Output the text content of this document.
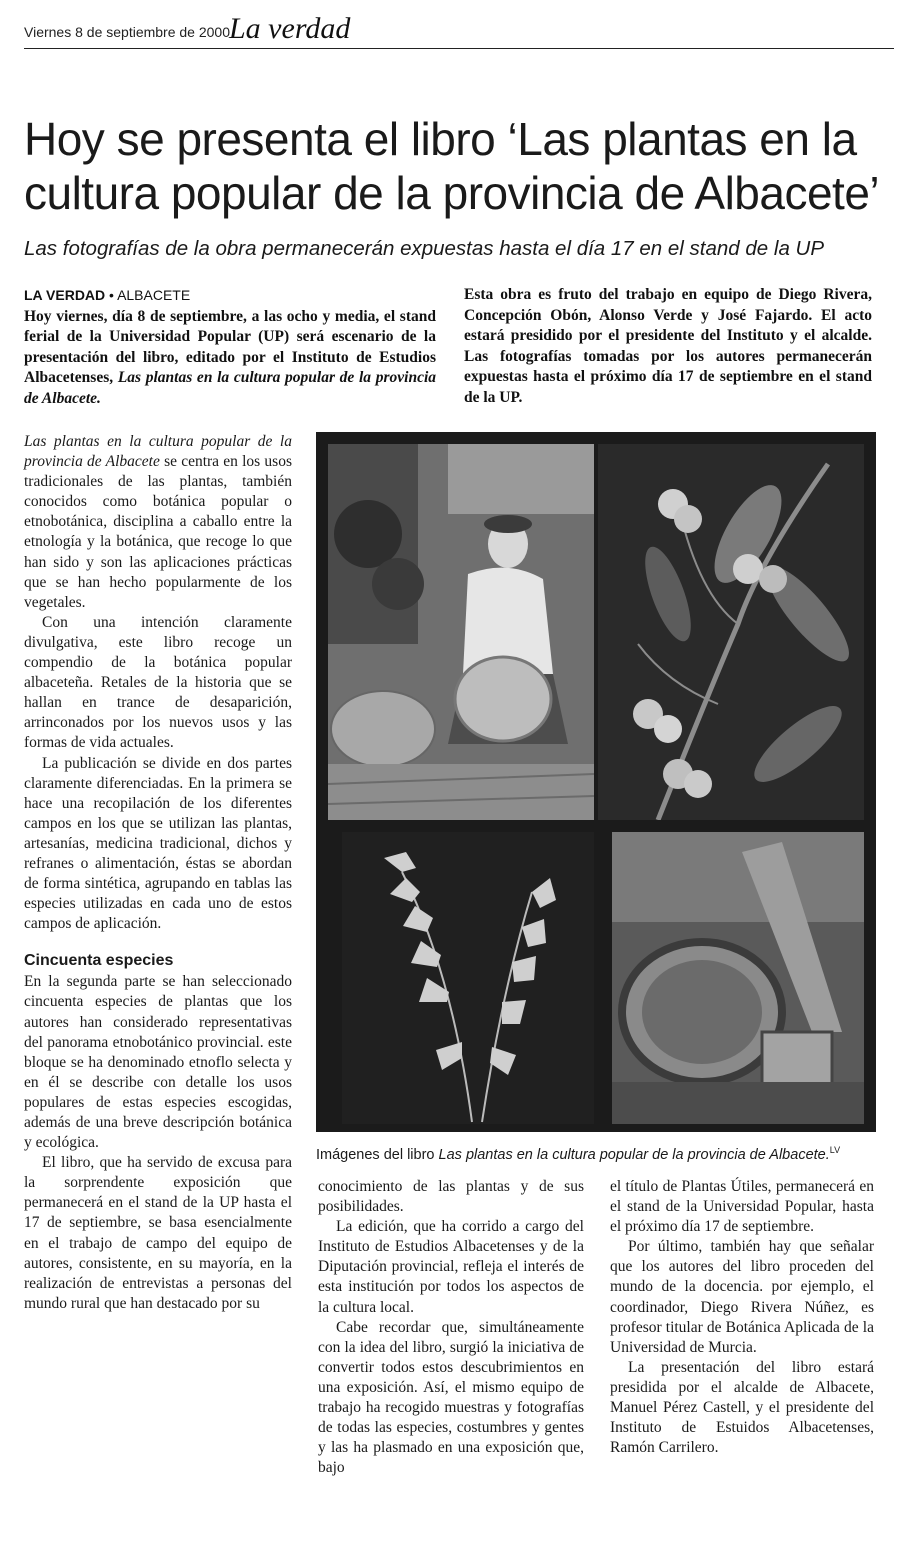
Viernes 8 de septiembre de 2000 La verdad
Hoy se presenta el libro ‘Las plantas en la cultura popular de la provincia de Albacete’
Las fotografías de la obra permanecerán expuestas hasta el día 17 en el stand de la UP
LA VERDAD • ALBACETE
Hoy viernes, día 8 de septiembre, a las ocho y media, el stand ferial de la Universidad Popular (UP) será escenario de la presentación del libro, editado por el Instituto de Estudios Albacetenses, Las plantas en la cultura popular de la provincia de Albacete.
Esta obra es fruto del trabajo en equipo de Diego Rivera, Concepción Obón, Alonso Verde y José Fajardo. El acto estará presidido por el presidente del Instituto y el alcalde. Las fotografías tomadas por los autores permanecerán expuestas hasta el próximo día 17 de septiembre en el stand de la UP.

Las plantas en la cultura popular de la provincia de Albacete se centra en los usos tradicionales de las plantas, también conocidos como botánica popular o etnobotánica, disciplina a caballo entre la etnología y la botánica, que recoge lo que han sido y son las aplicaciones prácticas que se han hecho popularmente de los vegetales.

Con una intención claramente divulgativa, este libro recoge un compendio de la botánica popular albaceteña. Retales de la historia que se hallan en trance de desaparición, arrinconados por los nuevos usos y las formas de vida actuales.

La publicación se divide en dos partes claramente diferenciadas. En la primera se hace una recopilación de los diferentes campos en los que se utilizan las plantas, artesanías, medicina tradicional, dichos y refranes o alimentación, éstas se abordan de forma sintética, agrupando en tablas las especies utilizadas en cada uno de estos campos de aplicación.

Cincuenta especies

En la segunda parte se han seleccionado cincuenta especies de plantas que los autores han considerado representativas del panorama etnobotánico provincial. este bloque se ha denominado etnoflo selecta y en él se describe con detalle los usos populares de estas especies escogidas, además de una breve descripción botánica y ecológica.

El libro, que ha servido de excusa para la sorprendente exposición que permanecerá en el stand de la UP hasta el 17 de septiembre, se basa esencialmente en el trabajo de campo del equipo de autores, consistente, en su mayoría, en la realización de entrevistas a personas del mundo rural que han destacado por su

Imágenes del libro Las plantas en la cultura popular de la provincia de Albacete.$^{LV}$

conocimiento de las plantas y de sus posibilidades.

La edición, que ha corrido a cargo del Instituto de Estudios Albacetenses y de la Diputación provincial, refleja el interés de esta institución por todos los aspectos de la cultura local.

Cabe recordar que, simultáneamente con la idea del libro, surgió la iniciativa de convertir todos estos descubrimientos en una exposición. Así, el mismo equipo de trabajo ha recogido muestras y fotografías de todas las especies, costumbres y gentes y las ha plasmado en una exposición que, bajo

el título de Plantas Útiles, permanecerá en el stand de la Universidad Popular, hasta el próximo día 17 de septiembre.

Por último, también hay que señalar que los autores del libro proceden del mundo de la docencia. por ejemplo, el coordinador, Diego Rivera Núñez, es profesor titular de Botánica Aplicada de la Universidad de Murcia.

La presentación del libro estará presidida por el alcalde de Albacete, Manuel Pérez Castell, y el presidente del Instituto de Estuidos Albacetenses, Ramón Carrilero.
